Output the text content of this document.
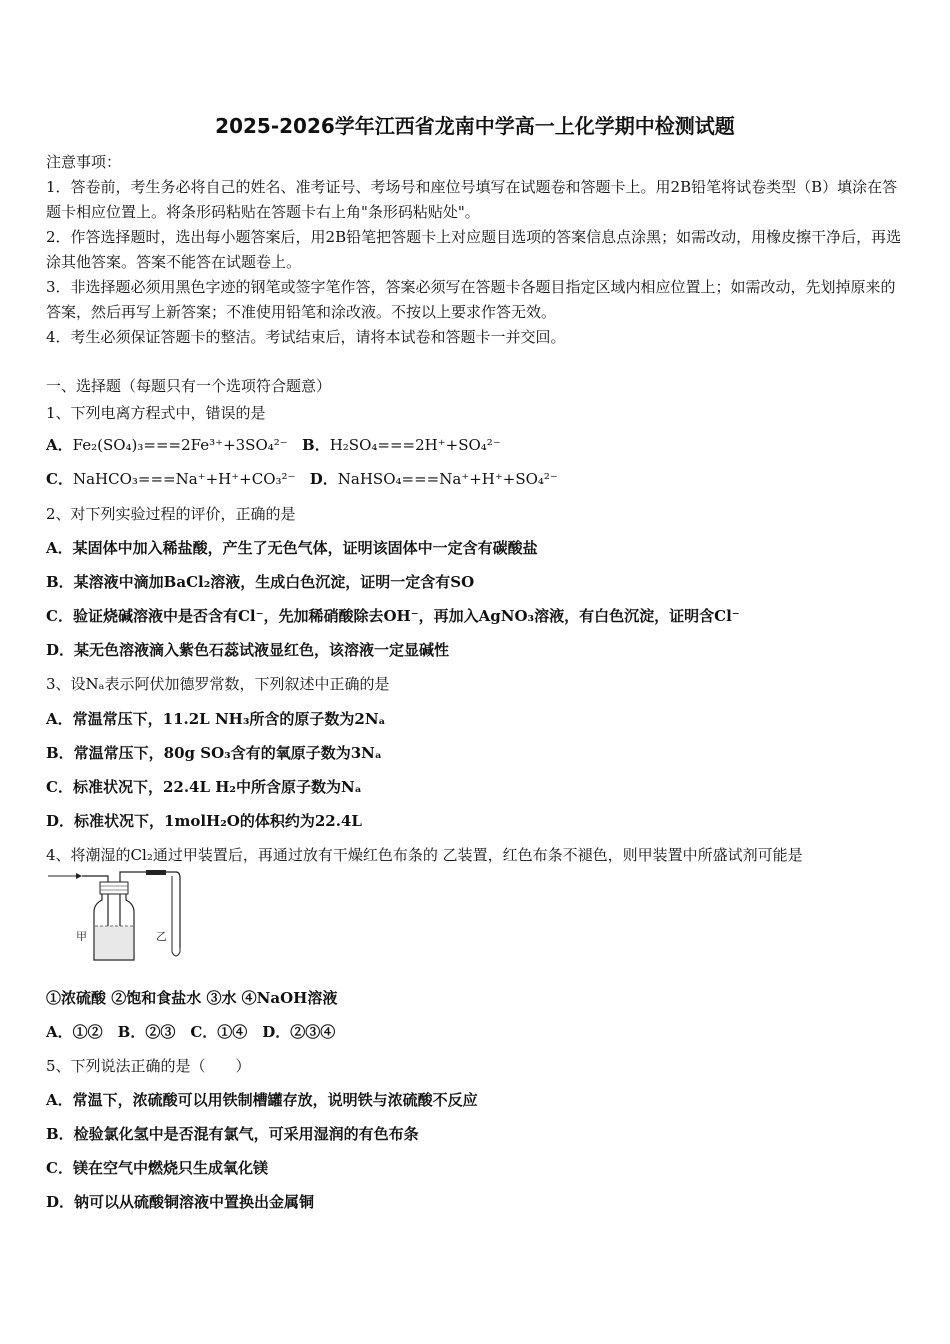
2025-2026学年江西省龙南中学高一上化学期中检测试题
注意事项：
1．答卷前，考生务必将自己的姓名、准考证号、考场号和座位号填写在试题卷和答题卡上。用2B铅笔将试卷类型（B）填涂在答题卡相应位置上。将条形码粘贴在答题卡右上角"条形码粘贴处"。
2．作答选择题时，选出每小题答案后，用2B铅笔把答题卡上对应题目选项的答案信息点涂黑；如需改动，用橡皮擦干净后，再选涂其他答案。答案不能答在试题卷上。
3．非选择题必须用黑色字迹的钢笔或签字笔作答，答案必须写在答题卡各题目指定区域内相应位置上；如需改动，先划掉原来的答案，然后再写上新答案；不准使用铅笔和涂改液。不按以上要求作答无效。
4．考生必须保证答题卡的整洁。考试结束后，请将本试卷和答题卡一并交回。
一、选择题（每题只有一个选项符合题意）
1、下列电离方程式中，错误的是
A．Fe₂(SO₄)₃===2Fe³⁺+3SO₄²⁻ B．H₂SO₄===2H⁺+SO₄²⁻
C．NaHCO₃===Na⁺+H⁺+CO₃²⁻ D．NaHSO₄===Na⁺+H⁺+SO₄²⁻
2、对下列实验过程的评价，正确的是
A．某固体中加入稀盐酸，产生了无色气体，证明该固体中一定含有碳酸盐
B．某溶液中滴加BaCl₂溶液，生成白色沉淀，证明一定含有SO
C．验证烧碱溶液中是否含有Cl⁻，先加稀硝酸除去OH⁻，再加入AgNO₃溶液，有白色沉淀，证明含Cl⁻
D．某无色溶液滴入紫色石蕊试液显红色，该溶液一定显碱性
3、设Nₐ表示阿伏加德罗常数，下列叙述中正确的是
A．常温常压下，11.2L NH₃所含的原子数为2Nₐ
B．常温常压下，80g SO₃含有的氧原子数为3Nₐ
C．标准状况下，22.4L H₂中所含原子数为Nₐ
D．标准状况下，1molH₂O的体积约为22.4L
4、将潮湿的Cl₂通过甲装置后，再通过放有干燥红色布条的 乙装置，红色布条不褪色，则甲装置中所盛试剂可能是
甲	乙
①浓硫酸 ②饱和食盐水 ③水 ④NaOH溶液
A．①②　B．②③　C．①④　D．②③④
5、下列说法正确的是（　　）
A．常温下，浓硫酸可以用铁制槽罐存放，说明铁与浓硫酸不反应
B．检验氯化氢中是否混有氯气，可采用湿润的有色布条
C．镁在空气中燃烧只生成氧化镁
D．钠可以从硫酸铜溶液中置换出金属铜
